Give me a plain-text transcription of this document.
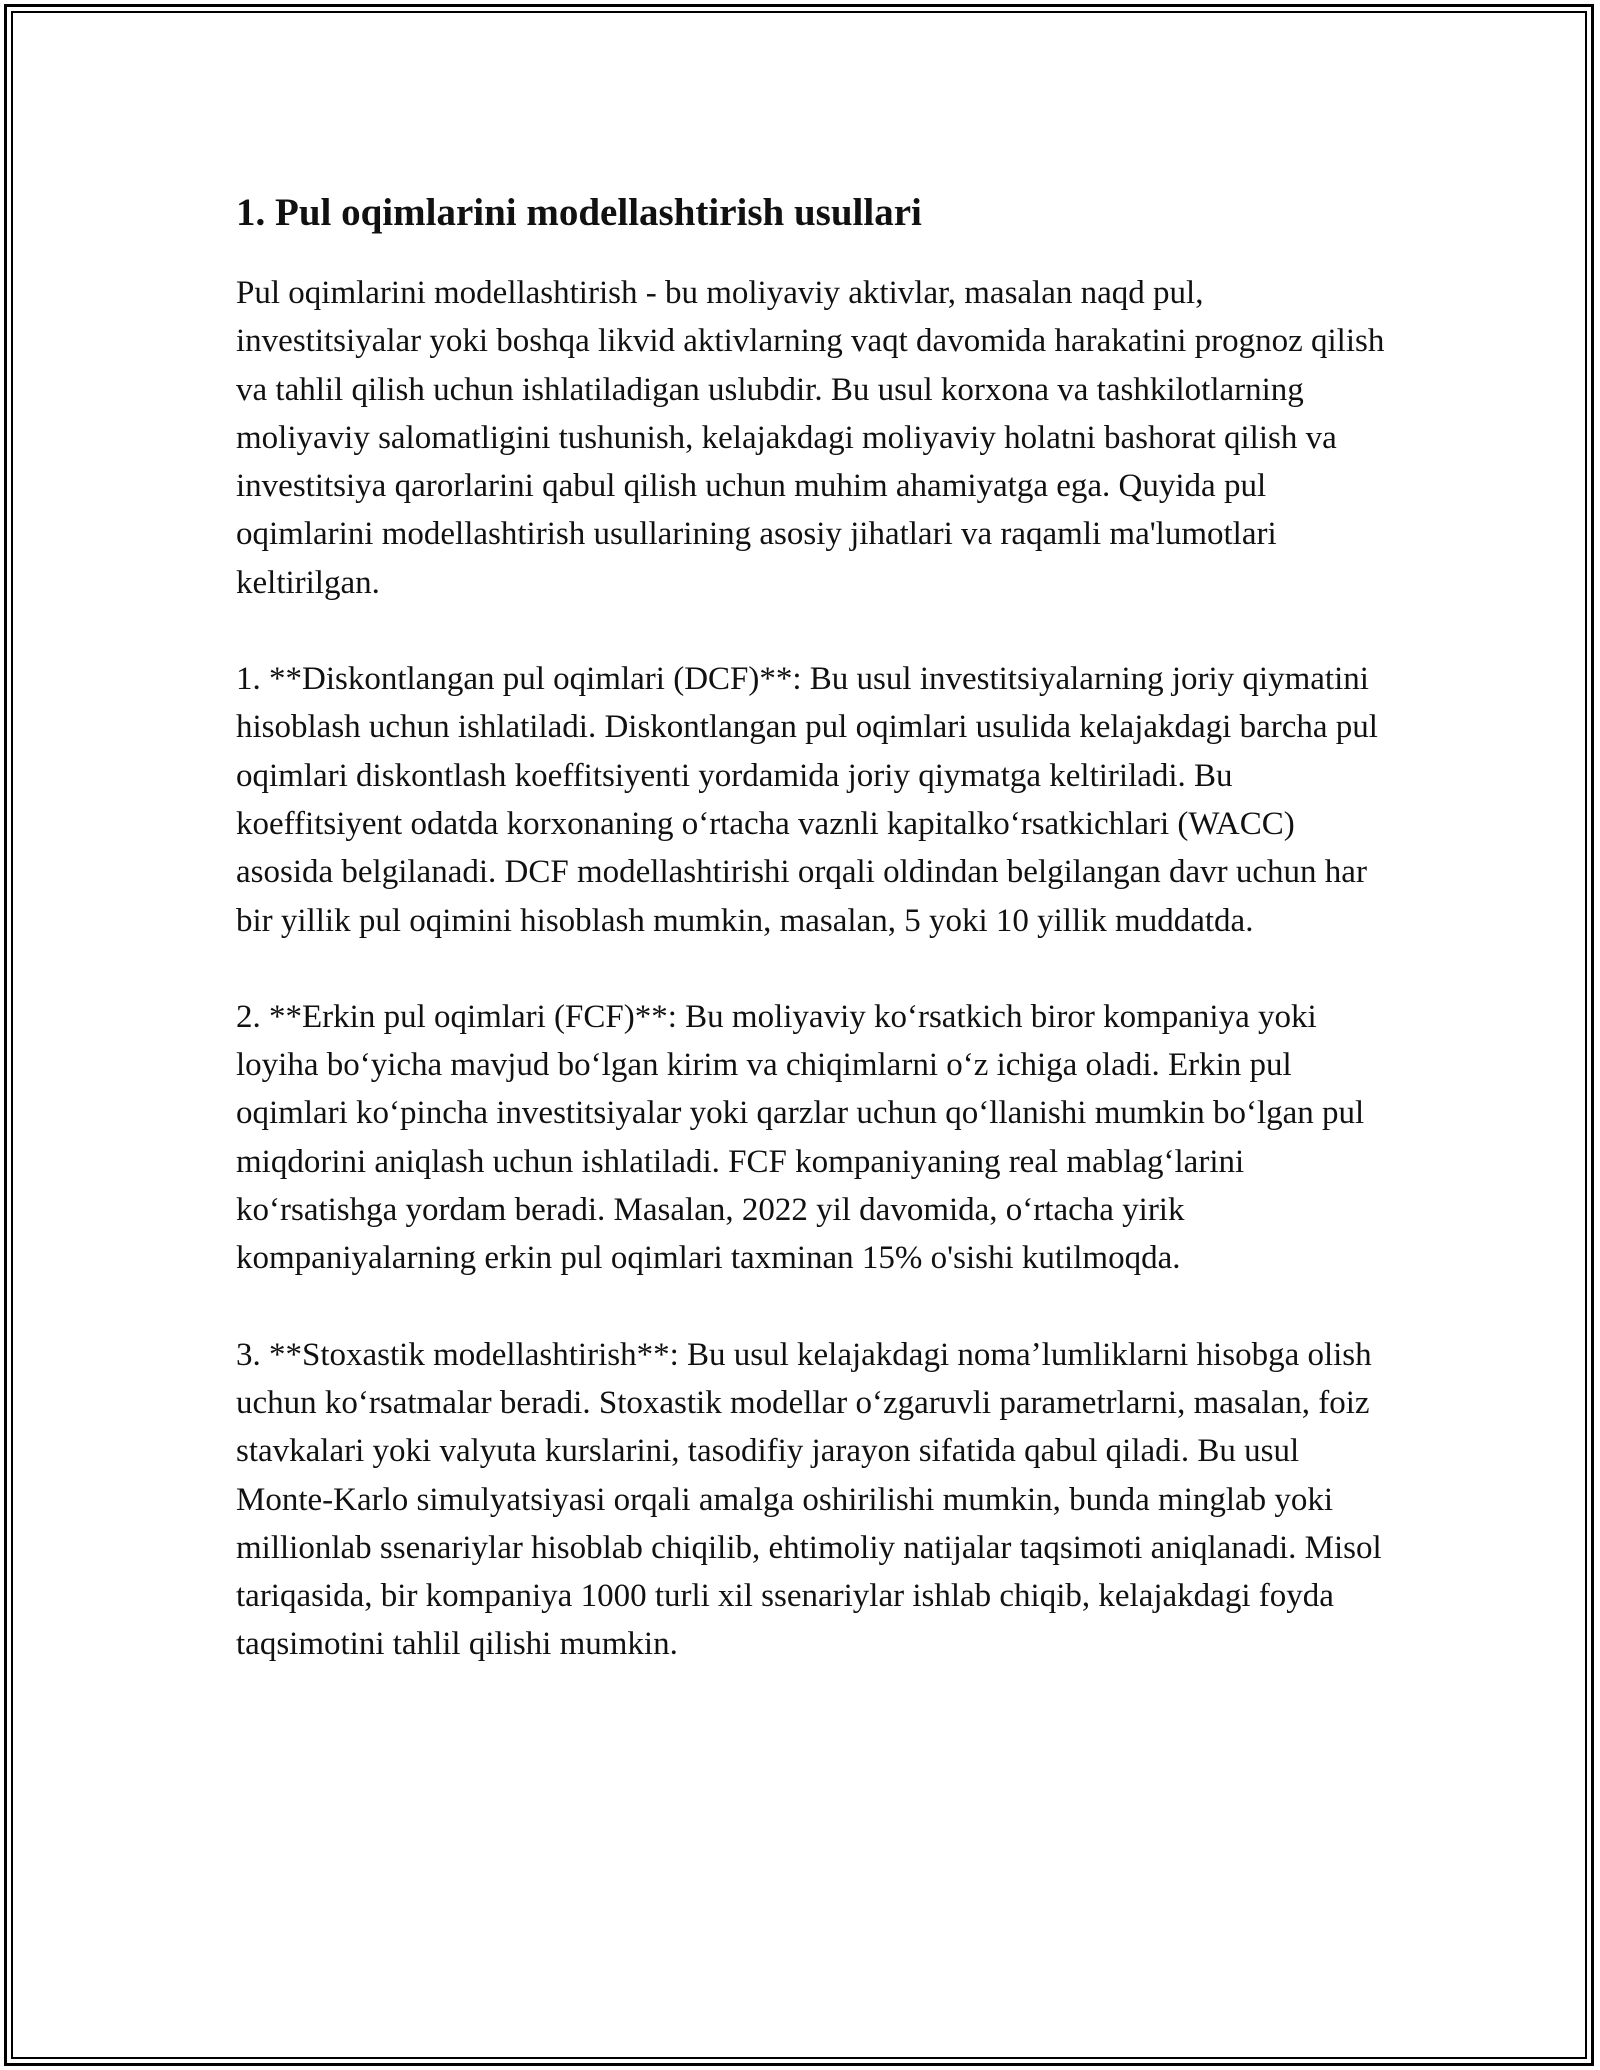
1. Pul oqimlarini modellashtirish usullari

Pul oqimlarini modellashtirish - bu moliyaviy aktivlar, masalan naqd pul, investitsiyalar yoki boshqa likvid aktivlarning vaqt davomida harakatini prognoz qilish va tahlil qilish uchun ishlatiladigan uslubdir. Bu usul korxona va tashkilotlarning moliyaviy salomatligini tushunish, kelajakdagi moliyaviy holatni bashorat qilish va investitsiya qarorlarini qabul qilish uchun muhim ahamiyatga ega. Quyida pul oqimlarini modellashtirish usullarining asosiy jihatlari va raqamli ma'lumotlari keltirilgan.

1. **Diskontlangan pul oqimlari (DCF)**: Bu usul investitsiyalarning joriy qiymatini hisoblash uchun ishlatiladi. Diskontlangan pul oqimlari usulida kelajakdagi barcha pul oqimlari diskontlash koeffitsiyenti yordamida joriy qiymatga keltiriladi. Bu koeffitsiyent odatda korxonaning oʻrtacha vaznli kapitalkoʻrsatkichlari (WACC) asosida belgilanadi. DCF modellashtirishi orqali oldindan belgilangan davr uchun har bir yillik pul oqimini hisoblash mumkin, masalan, 5 yoki 10 yillik muddatda.

2. **Erkin pul oqimlari (FCF)**: Bu moliyaviy koʻrsatkich biror kompaniya yoki loyiha boʻyicha mavjud boʻlgan kirim va chiqimlarni oʻz ichiga oladi. Erkin pul oqimlari koʻpincha investitsiyalar yoki qarzlar uchun qoʻllanishi mumkin boʻlgan pul miqdorini aniqlash uchun ishlatiladi. FCF kompaniyaning real mablagʻlarini koʻrsatishga yordam beradi. Masalan, 2022 yil davomida, oʻrtacha yirik kompaniyalarning erkin pul oqimlari taxminan 15% o'sishi kutilmoqda.

3. **Stoxastik modellashtirish**: Bu usul kelajakdagi nomaʼlumliklarni hisobga olish uchun koʻrsatmalar beradi. Stoxastik modellar oʻzgaruvli parametrlarni, masalan, foiz stavkalari yoki valyuta kurslarini, tasodifiy jarayon sifatida qabul qiladi. Bu usul Monte-Karlo simulyatsiyasi orqali amalga oshirilishi mumkin, bunda minglab yoki millionlab ssenariylar hisoblab chiqilib, ehtimoliy natijalar taqsimoti aniqlanadi. Misol tariqasida, bir kompaniya 1000 turli xil ssenariylar ishlab chiqib, kelajakdagi foyda taqsimotini tahlil qilishi mumkin.
